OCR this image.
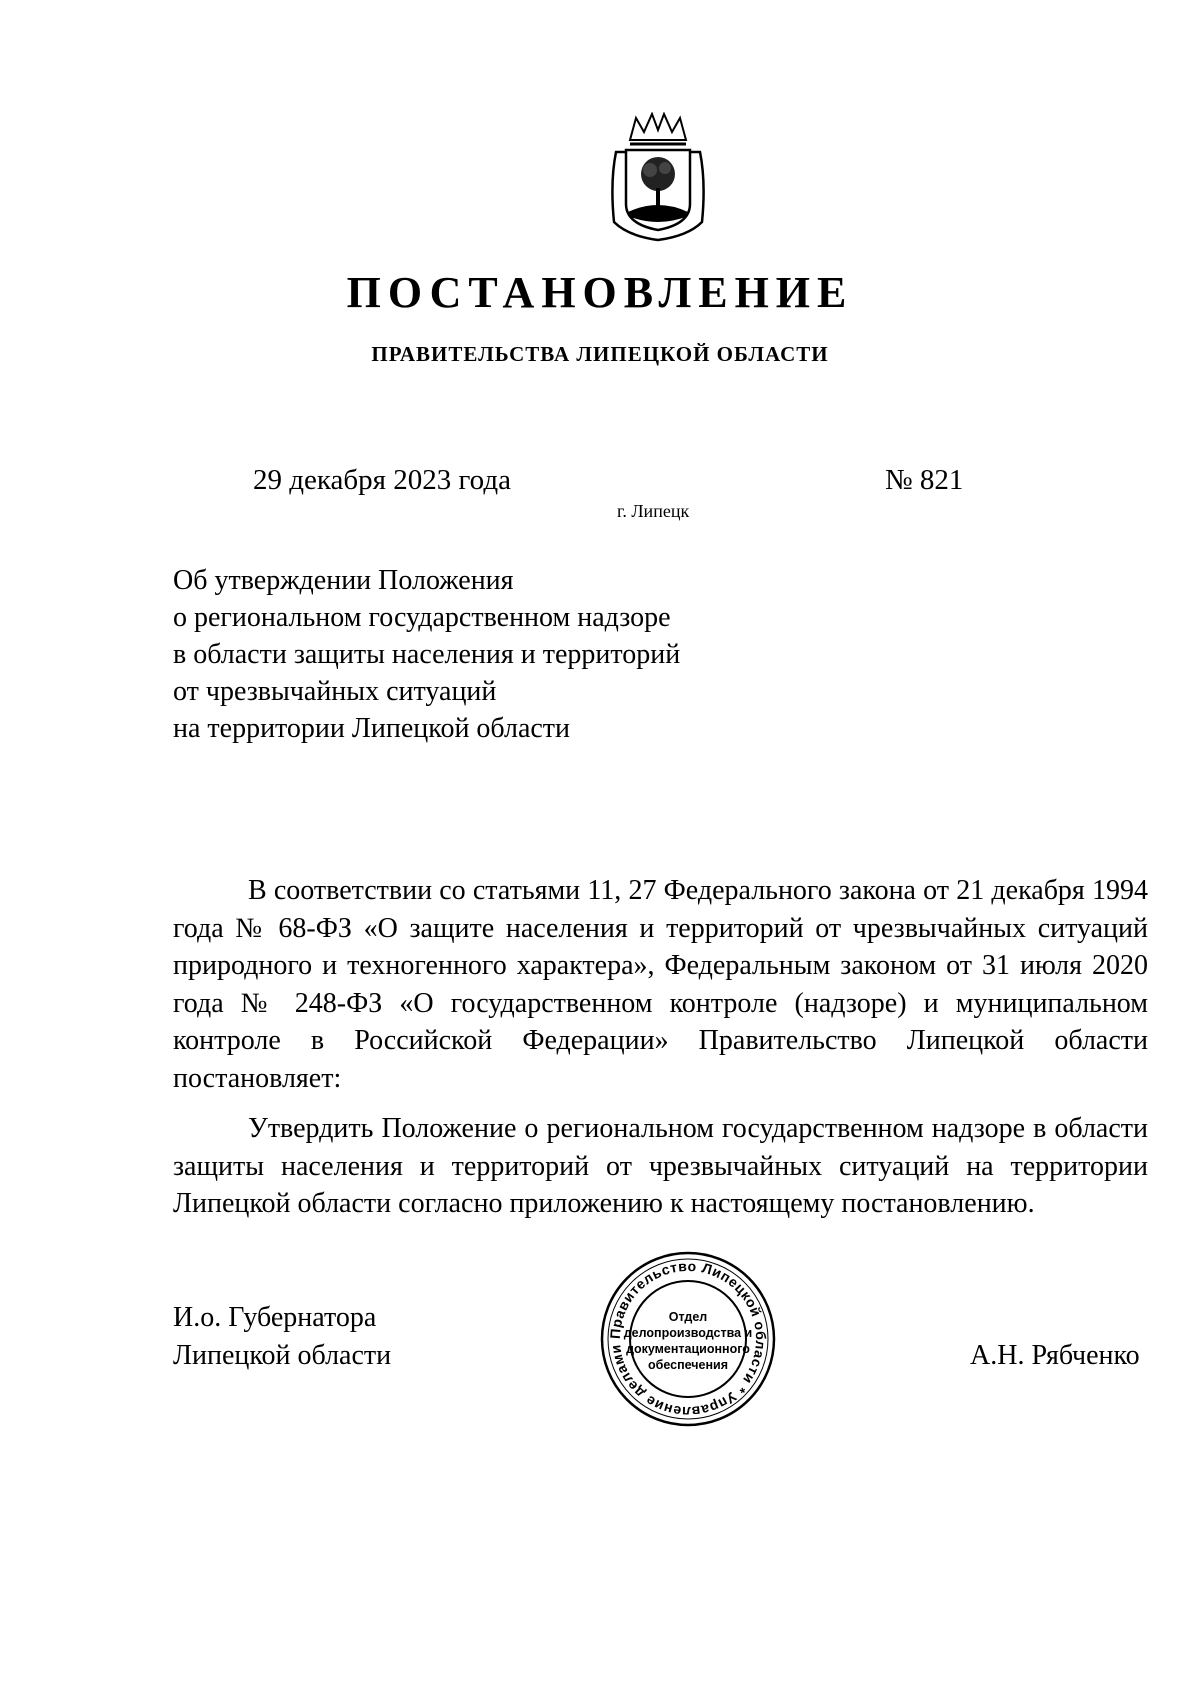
ПОСТАНОВЛЕНИЕ
ПРАВИТЕЛЬСТВА ЛИПЕЦКОЙ ОБЛАСТИ
29 декабря 2023 года	№ 821
г. Липецк
Об утверждении Положения
о региональном государственном надзоре
в области защиты населения и территорий
от чрезвычайных ситуаций
на территории Липецкой области
В соответствии со статьями 11, 27 Федерального закона от 21 декабря 1994 года № 68-ФЗ «О защите населения и территорий от чрезвычайных ситуаций природного и техногенного характера», Федеральным законом от 31 июля 2020 года № 248-ФЗ «О государственном контроле (надзоре) и муниципальном контроле в Российской Федерации» Правительство Липецкой области постановляет:
Утвердить Положение о региональном государственном надзоре в области защиты населения и территорий от чрезвычайных ситуаций на территории Липецкой области согласно приложению к настоящему постановлению.
И.о. Губернатора
Липецкой области	А.Н. Рябченко
Правительство Липецкой области * Управление делами
Отдел
делопроизводства и
документационного
обеспечения
